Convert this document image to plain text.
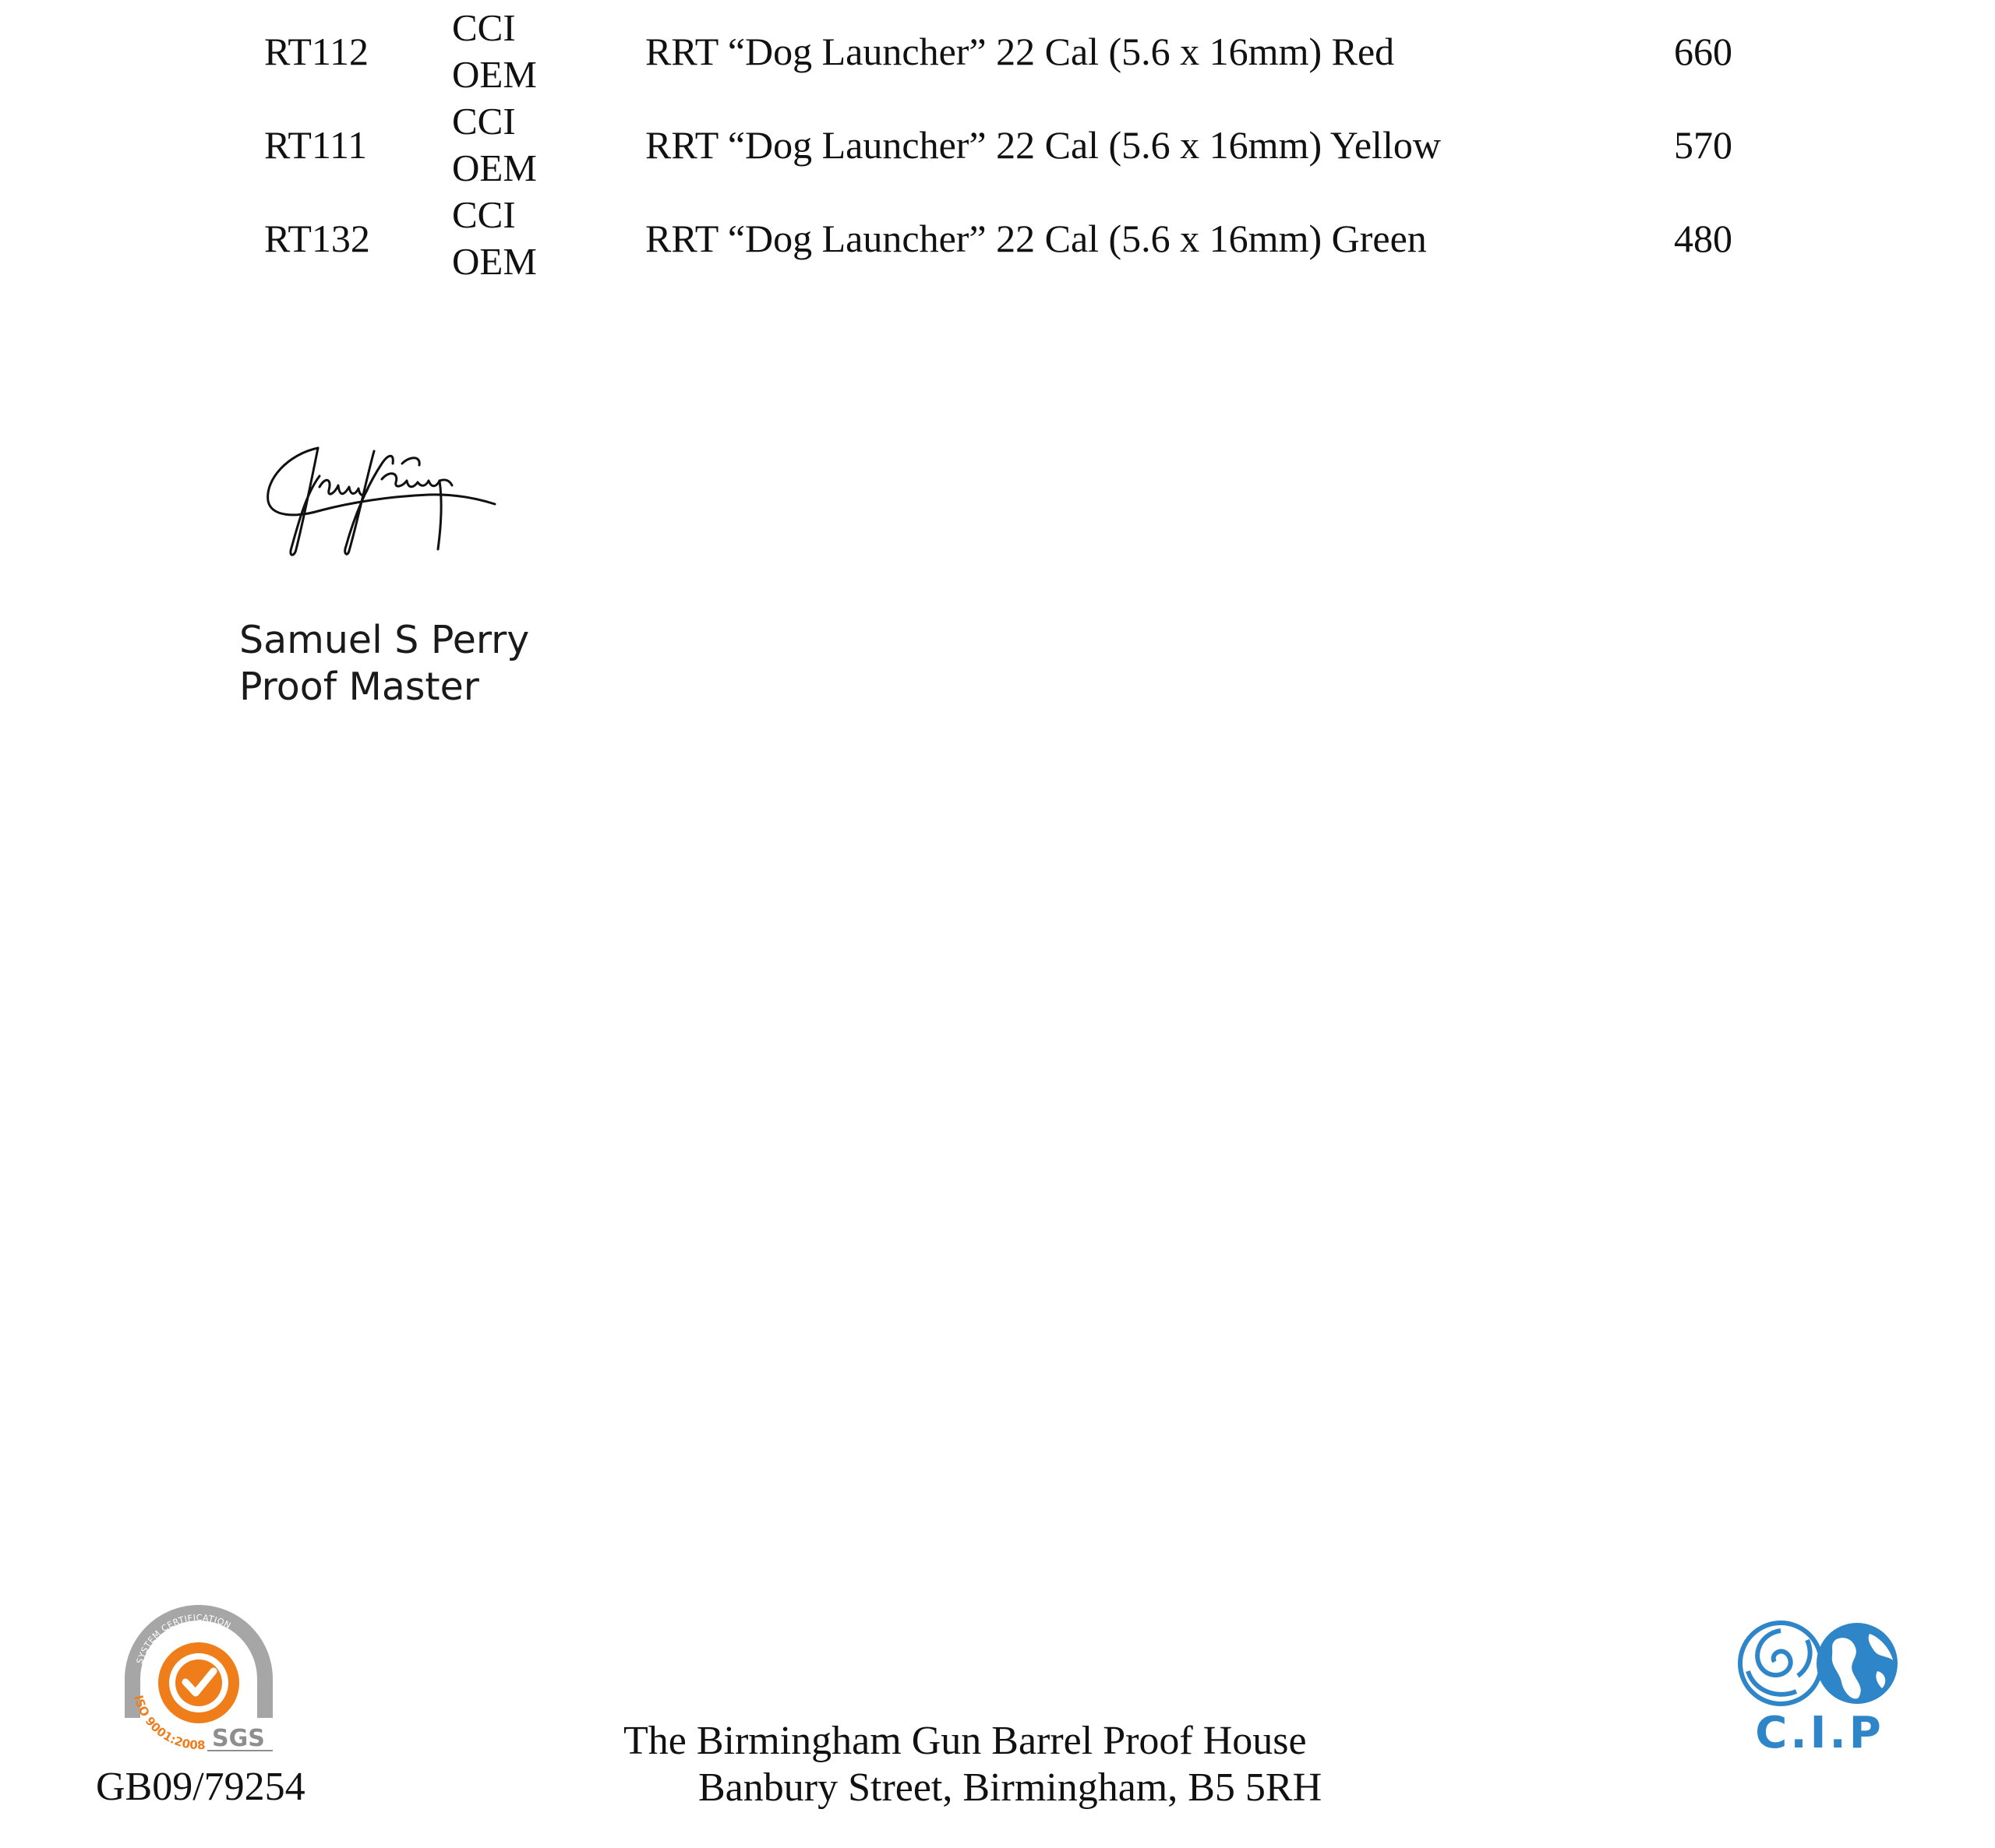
RT112
CCI
OEM
RRT “Dog Launcher” 22 Cal (5.6 x 16mm) Red	660
RT111
CCI
OEM
RRT “Dog Launcher” 22 Cal (5.6 x 16mm) Yellow	570
RT132
CCI
OEM
RRT “Dog Launcher” 22 Cal (5.6 x 16mm) Green	480
Samuel S Perry
Proof Master
SYSTEM CERTIFICATION
ISO 9001:2008 SGS
GB09/79254
The Birmingham Gun Barrel Proof House
Banbury Street, Birmingham, B5 5RH
C.I.P
